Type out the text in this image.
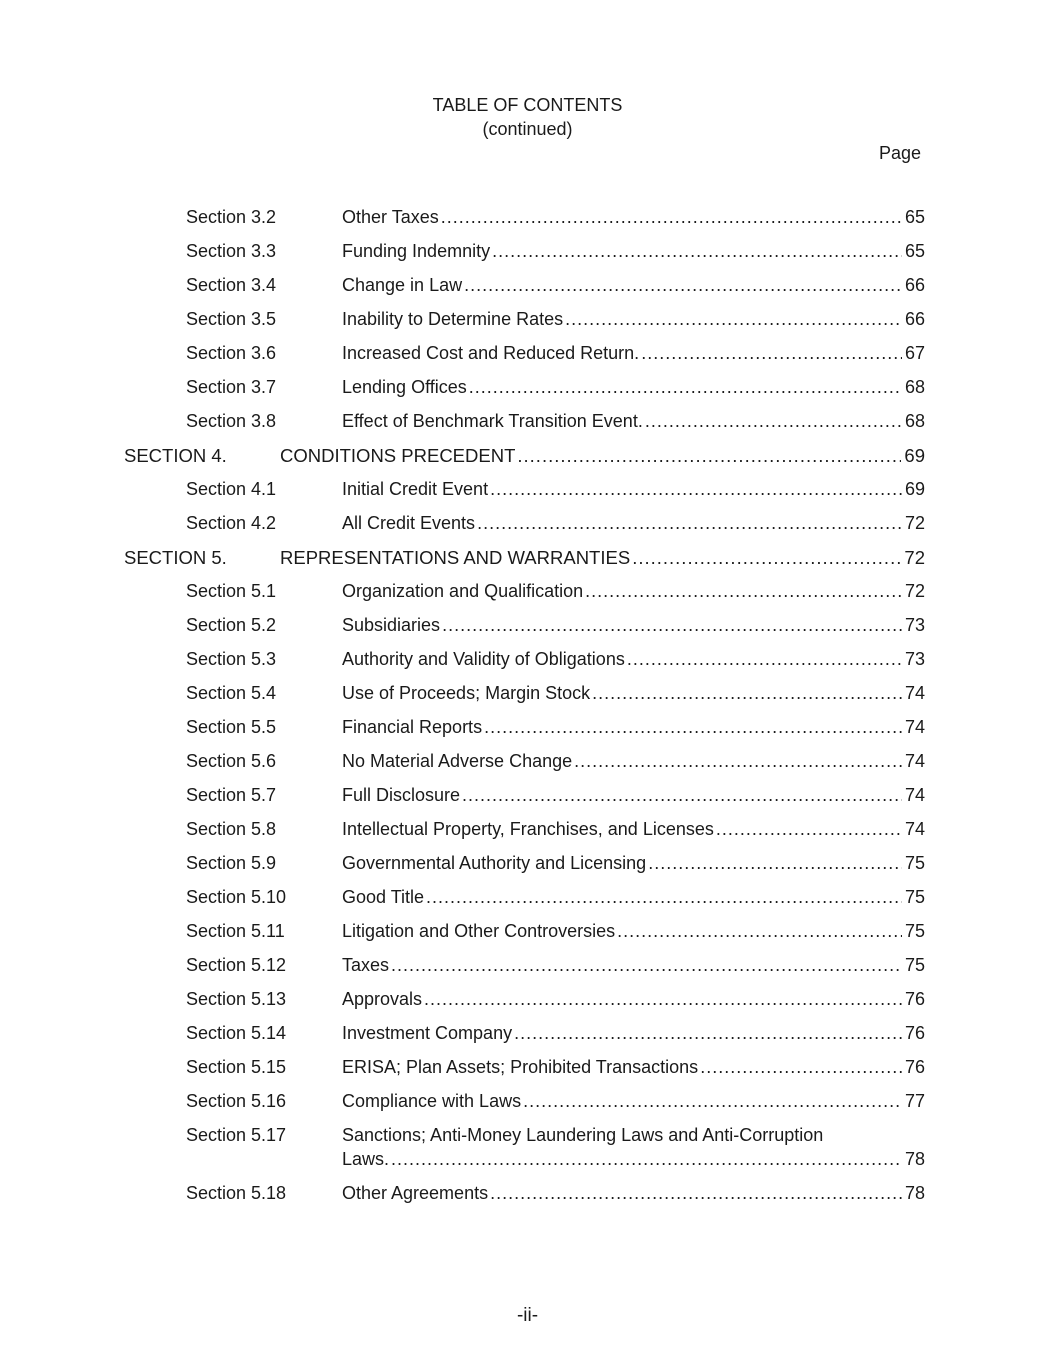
TABLE OF CONTENTS
(continued)
Page
Section 3.2	Other Taxes .....	65
Section 3.3	Funding Indemnity .....	65
Section 3.4	Change in Law .....	66
Section 3.5	Inability to Determine Rates .....	66
Section 3.6	Increased Cost and Reduced Return. .....	67
Section 3.7	Lending Offices .....	68
Section 3.8	Effect of Benchmark Transition Event. .....	68
SECTION 4.	CONDITIONS PRECEDENT .....	69
Section 4.1	Initial Credit Event .....	69
Section 4.2	All Credit Events .....	72
SECTION 5.	REPRESENTATIONS AND WARRANTIES .....	72
Section 5.1	Organization and Qualification .....	72
Section 5.2	Subsidiaries .....	73
Section 5.3	Authority and Validity of Obligations .....	73
Section 5.4	Use of Proceeds; Margin Stock .....	74
Section 5.5	Financial Reports .....	74
Section 5.6	No Material Adverse Change .....	74
Section 5.7	Full Disclosure .....	74
Section 5.8	Intellectual Property, Franchises, and Licenses .....	74
Section 5.9	Governmental Authority and Licensing .....	75
Section 5.10	Good Title .....	75
Section 5.11	Litigation and Other Controversies .....	75
Section 5.12	Taxes .....	75
Section 5.13	Approvals .....	76
Section 5.14	Investment Company .....	76
Section 5.15	ERISA; Plan Assets; Prohibited Transactions .....	76
Section 5.16	Compliance with Laws .....	77
Section 5.17	Sanctions; Anti-Money Laundering Laws and Anti-Corruption
Laws. .....	78
Section 5.18	Other Agreements .....	78
-ii-
